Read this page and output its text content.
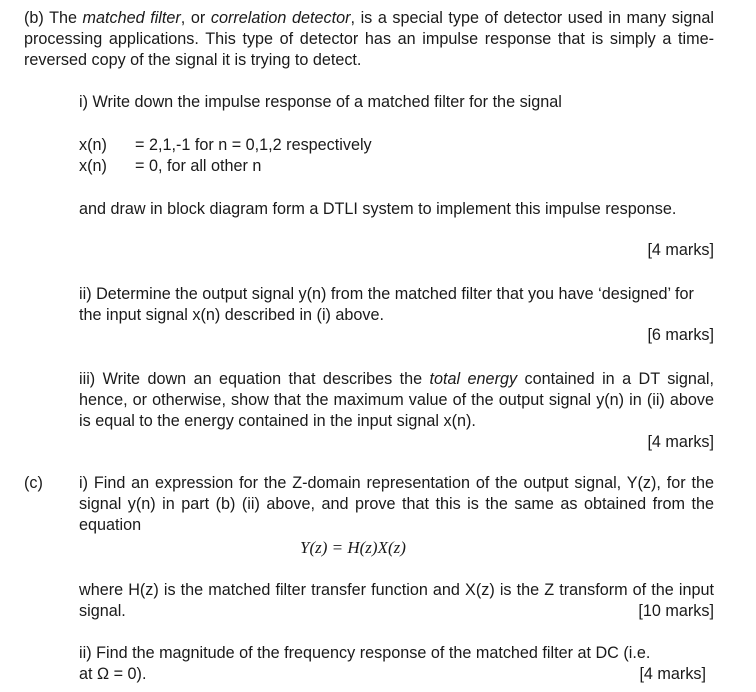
(b) The matched filter, or correlation detector, is a special type of detector used in many signal processing applications. This type of detector has an impulse response that is simply a time-reversed copy of the signal it is trying to detect.
i) Write down the impulse response of a matched filter for the signal
x(n)	= 2,1,-1 for n = 0,1,2 respectively
x(n)	= 0, for all other n
and draw in block diagram form a DTLI system to implement this impulse response.
[4 marks]
ii) Determine the output signal y(n) from the matched filter that you have ‘designed’ for the input signal x(n) described in (i) above.
[6 marks]
iii) Write down an equation that describes the total energy contained in a DT signal, hence, or otherwise, show that the maximum value of the output signal y(n) in (ii) above is equal to the energy contained in the input signal x(n).
[4 marks]
(c) i) Find an expression for the Z-domain representation of the output signal, Y(z), for the signal y(n) in part (b) (ii) above, and prove that this is the same as obtained from the equation
Y(z) = H(z)X(z)
where H(z) is the matched filter transfer function and X(z) is the Z transform of the input signal.	[10 marks]
ii) Find the magnitude of the frequency response of the matched filter at DC (i.e.
at Ω = 0).	[4 marks]
